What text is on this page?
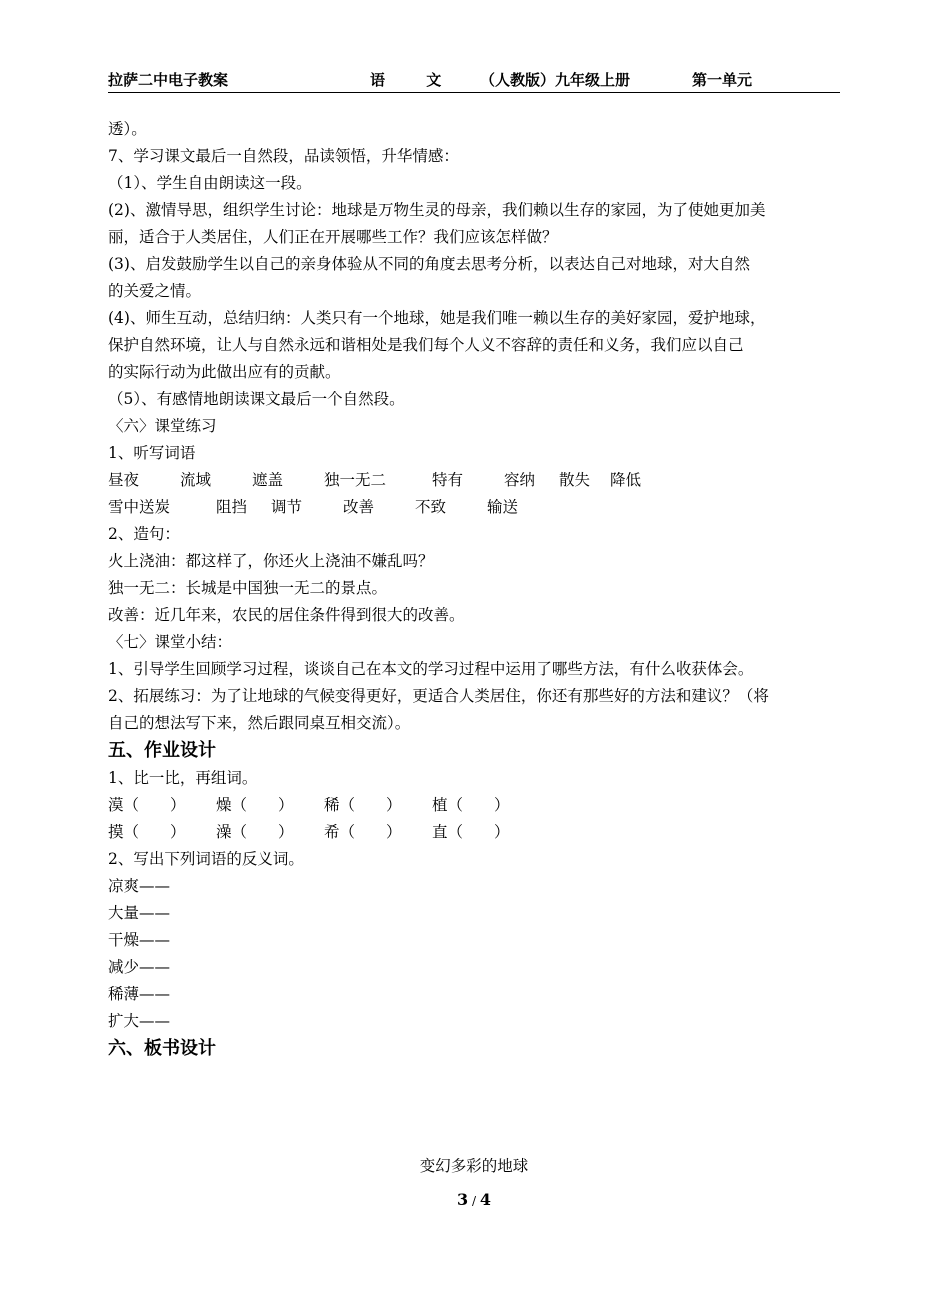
拉萨二中电子教案	语 文	（人教版）九年级上册	第一单元
透）。
7、学习课文最后一自然段，品读领悟，升华情感：
（1）、学生自由朗读这一段。
(2)、激情导思，组织学生讨论：地球是万物生灵的母亲，我们赖以生存的家园，为了使她更加美
丽，适合于人类居住，人们正在开展哪些工作？我们应该怎样做？
(3)、启发鼓励学生以自己的亲身体验从不同的角度去思考分析，以表达自己对地球，对大自然
的关爱之情。
(4)、师生互动，总结归纳：人类只有一个地球，她是我们唯一赖以生存的美好家园，爱护地球，
保护自然环境，让人与自然永远和谐相处是我们每个人义不容辞的责任和义务，我们应以自己
的实际行动为此做出应有的贡献。
（5）、有感情地朗读课文最后一个自然段。
〈六〉课堂练习
1、听写词语
昼夜	流域	遮盖	独一无二	特有	容纳	散失	降低
雪中送炭	阻挡	调节	改善	不致	输送
2、造句：
火上浇油：都这样了，你还火上浇油不嫌乱吗？
独一无二：长城是中国独一无二的景点。
改善：近几年来，农民的居住条件得到很大的改善。
〈七〉课堂小结：
1、引导学生回顾学习过程，谈谈自己在本文的学习过程中运用了哪些方法，有什么收获体会。
2、拓展练习：为了让地球的气候变得更好，更适合人类居住，你还有那些好的方法和建议？（将
自己的想法写下来，然后跟同桌互相交流）。
五、作业设计
1、比一比，再组词。
漠（　　）	燥（　　）	稀（　　）	植（　　）
摸（　　）	澡（　　）	希（　　）	直（　　）
2、写出下列词语的反义词。
凉爽——
大量——
干燥——
减少——
稀薄——
扩大——
六、板书设计
变幻多彩的地球
3 / 4
